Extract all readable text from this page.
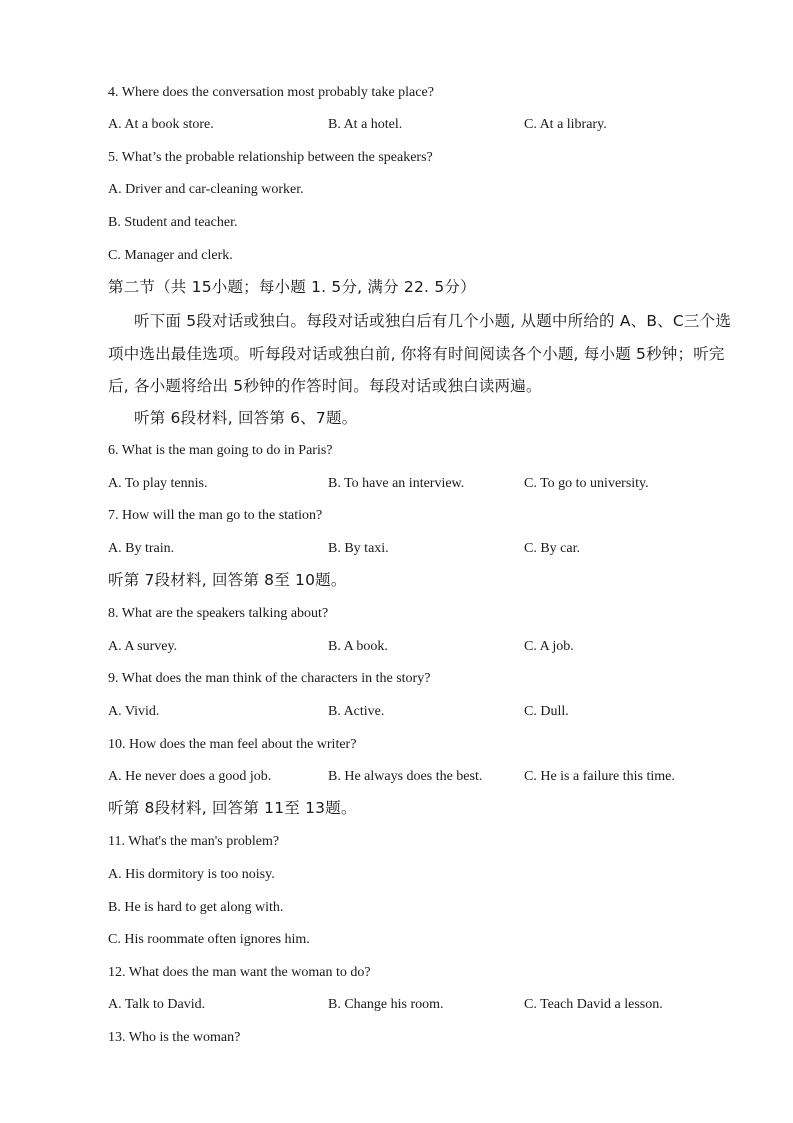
4. Where does the conversation most probably take place?
A. At a book store.	B. At a hotel.	C. At a library.
5. What’s the probable relationship between the speakers?
A. Driver and car-cleaning worker.
B. Student and teacher.
C. Manager and clerk.
第二节（共 15小题；每小题 1. 5分, 满分 22. 5分）
听下面 5段对话或独白。每段对话或独白后有几个小题, 从题中所给的 A、B、C三个选项中选出最佳选项。听每段对话或独白前, 你将有时间阅读各个小题, 每小题 5秒钟；听完后, 各小题将给出 5秒钟的作答时间。每段对话或独白读两遍。
听第 6段材料, 回答第 6、7题。
6. What is the man going to do in Paris?
A. To play tennis.	B. To have an interview.	C. To go to university.
7. How will the man go to the station?
A. By train.	B. By taxi.	C. By car.
听第 7段材料, 回答第 8至 10题。
8. What are the speakers talking about?
A. A survey.	B. A book.	C. A job.
9. What does the man think of the characters in the story?
A. Vivid.	B. Active.	C. Dull.
10. How does the man feel about the writer?
A. He never does a good job.	B. He always does the best.	C. He is a failure this time.
听第 8段材料, 回答第 11至 13题。
11. What's the man's problem?
A. His dormitory is too noisy.
B. He is hard to get along with.
C. His roommate often ignores him.
12. What does the man want the woman to do?
A. Talk to David.	B. Change his room.	C. Teach David a lesson.
13. Who is the woman?
